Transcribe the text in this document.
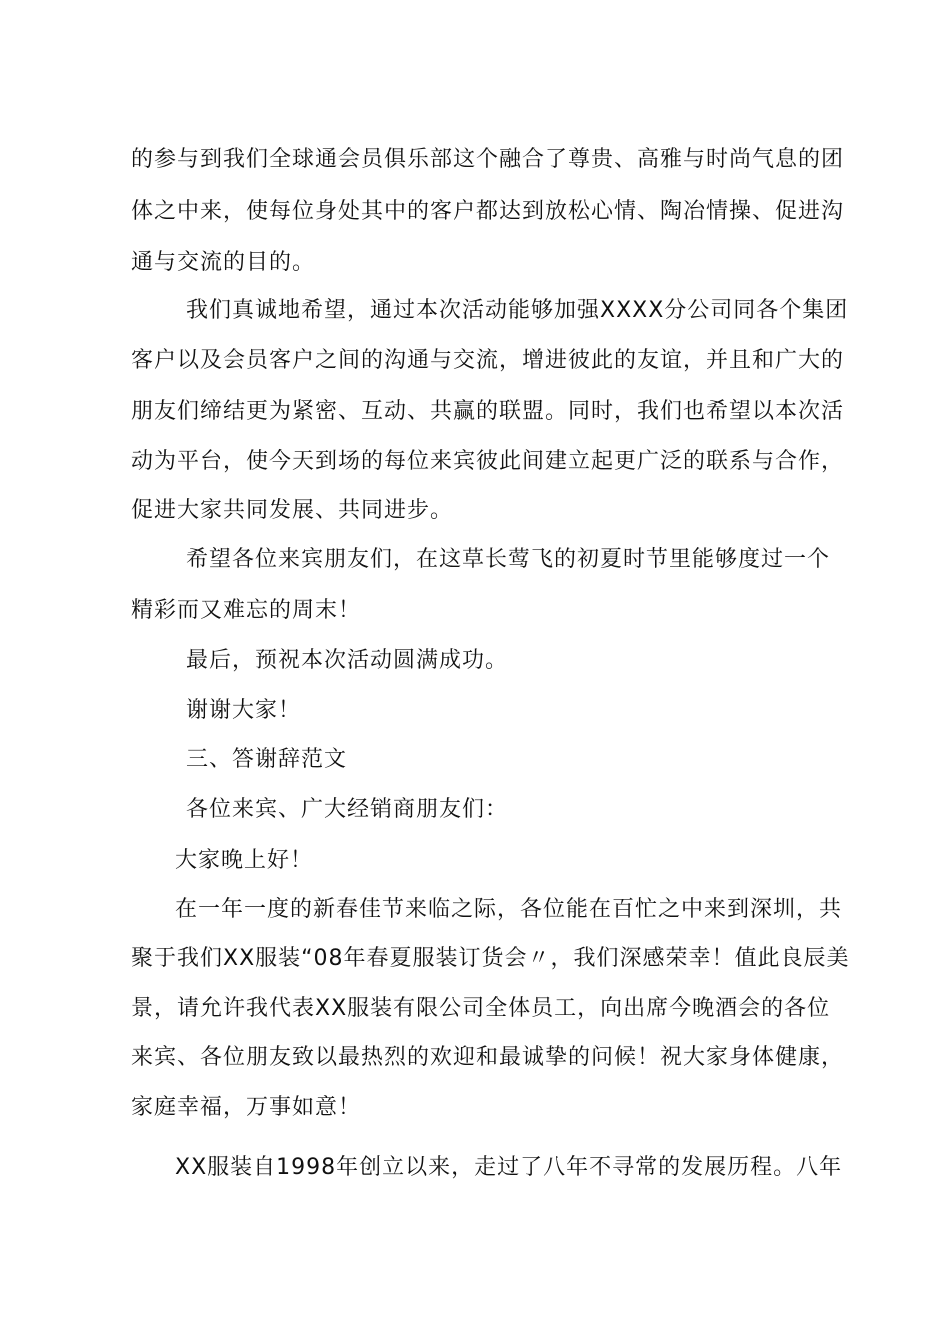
的参与到我们全球通会员俱乐部这个融合了尊贵、高雅与时尚气息的团
体之中来，使每位身处其中的客户都达到放松心情、陶冶情操、促进沟
通与交流的目的。
我们真诚地希望，通过本次活动能够加强XXXX分公司同各个集团
客户以及会员客户之间的沟通与交流，增进彼此的友谊，并且和广大的
朋友们缔结更为紧密、互动、共赢的联盟。同时，我们也希望以本次活
动为平台，使今天到场的每位来宾彼此间建立起更广泛的联系与合作，
促进大家共同发展、共同进步。
希望各位来宾朋友们，在这草长莺飞的初夏时节里能够度过一个
精彩而又难忘的周末！
最后，预祝本次活动圆满成功。
谢谢大家！
三、答谢辞范文
各位来宾、广大经销商朋友们：
大家晚上好！
在一年一度的新春佳节来临之际，各位能在百忙之中来到深圳，共
聚于我们XX服装“08年春夏服装订货会〃，我们深感荣幸！值此良辰美
景，请允许我代表XX服装有限公司全体员工，向出席今晚酒会的各位
来宾、各位朋友致以最热烈的欢迎和最诚挚的问候！祝大家身体健康，
家庭幸福，万事如意！
XX服装自1998年创立以来，走过了八年不寻常的发展历程。八年
